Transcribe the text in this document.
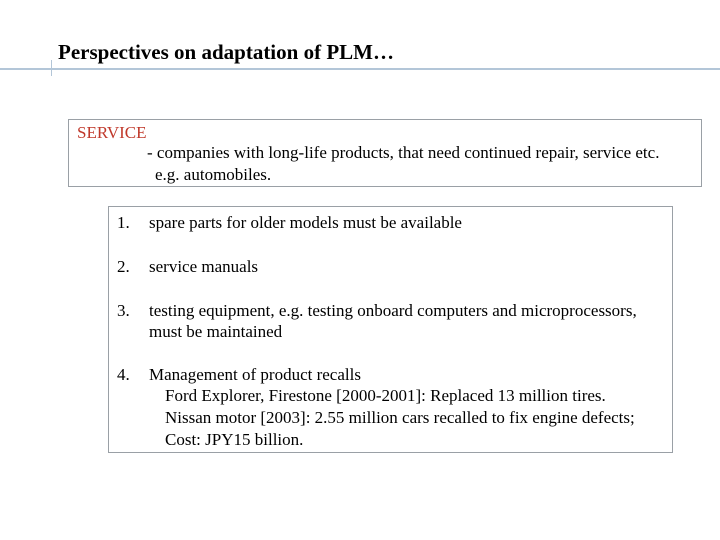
Perspectives on adaptation of PLM…
SERVICE
- companies with long-life products, that need continued repair, service etc.
e.g. automobiles.
1. spare parts for older models must be available
2. service manuals
3. testing equipment, e.g. testing onboard computers and microprocessors,
must be maintained
4. Management of product recalls
Ford Explorer, Firestone [2000-2001]: Replaced 13 million tires.
Nissan motor [2003]: 2.55 million cars recalled to fix engine defects;
Cost: JPY15 billion.
